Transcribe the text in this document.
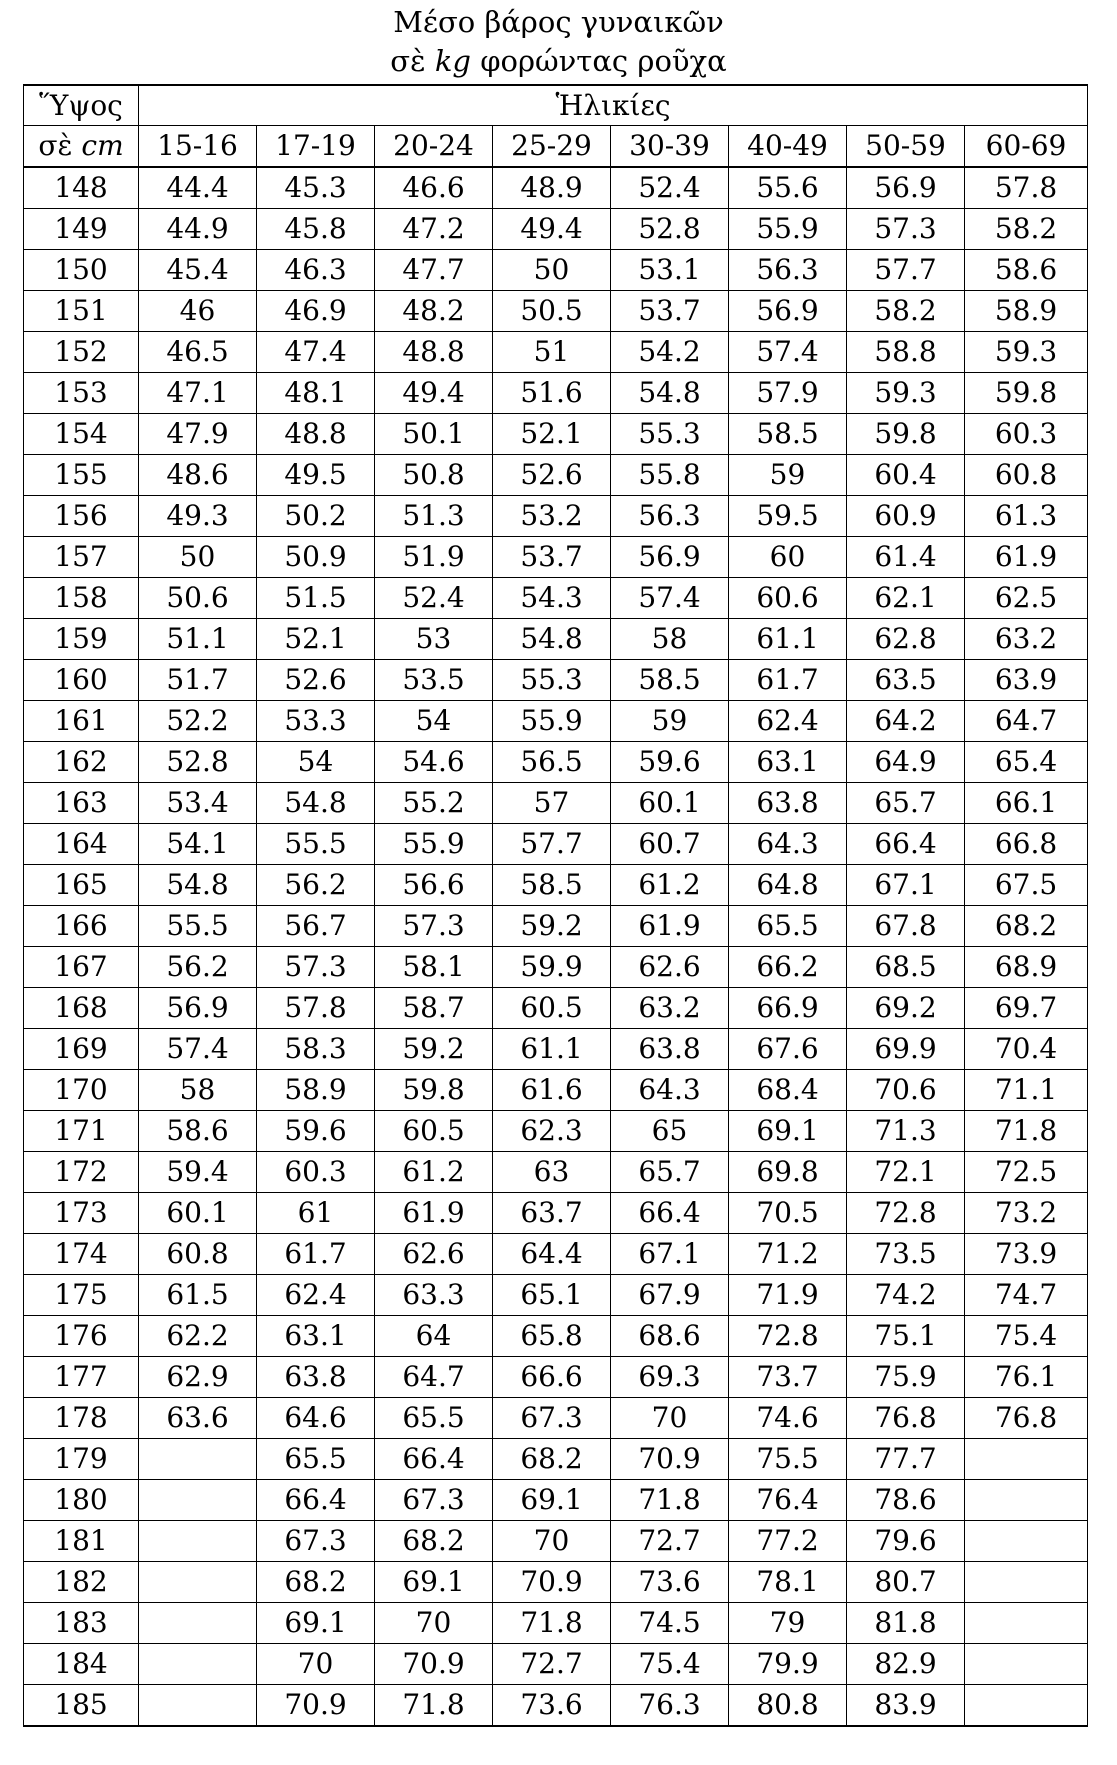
Μέσο βάρος γυναικῶν
σὲ kg φορώντας ροῦχα
Ὕψος	Ἡλικίες							
σὲ cm	15-16	17-19	20-24	25-29	30-39	40-49	50-59	60-69
148	44.4	45.3	46.6	48.9	52.4	55.6	56.9	57.8
149	44.9	45.8	47.2	49.4	52.8	55.9	57.3	58.2
150	45.4	46.3	47.7	50	53.1	56.3	57.7	58.6
151	46	46.9	48.2	50.5	53.7	56.9	58.2	58.9
152	46.5	47.4	48.8	51	54.2	57.4	58.8	59.3
153	47.1	48.1	49.4	51.6	54.8	57.9	59.3	59.8
154	47.9	48.8	50.1	52.1	55.3	58.5	59.8	60.3
155	48.6	49.5	50.8	52.6	55.8	59	60.4	60.8
156	49.3	50.2	51.3	53.2	56.3	59.5	60.9	61.3
157	50	50.9	51.9	53.7	56.9	60	61.4	61.9
158	50.6	51.5	52.4	54.3	57.4	60.6	62.1	62.5
159	51.1	52.1	53	54.8	58	61.1	62.8	63.2
160	51.7	52.6	53.5	55.3	58.5	61.7	63.5	63.9
161	52.2	53.3	54	55.9	59	62.4	64.2	64.7
162	52.8	54	54.6	56.5	59.6	63.1	64.9	65.4
163	53.4	54.8	55.2	57	60.1	63.8	65.7	66.1
164	54.1	55.5	55.9	57.7	60.7	64.3	66.4	66.8
165	54.8	56.2	56.6	58.5	61.2	64.8	67.1	67.5
166	55.5	56.7	57.3	59.2	61.9	65.5	67.8	68.2
167	56.2	57.3	58.1	59.9	62.6	66.2	68.5	68.9
168	56.9	57.8	58.7	60.5	63.2	66.9	69.2	69.7
169	57.4	58.3	59.2	61.1	63.8	67.6	69.9	70.4
170	58	58.9	59.8	61.6	64.3	68.4	70.6	71.1
171	58.6	59.6	60.5	62.3	65	69.1	71.3	71.8
172	59.4	60.3	61.2	63	65.7	69.8	72.1	72.5
173	60.1	61	61.9	63.7	66.4	70.5	72.8	73.2
174	60.8	61.7	62.6	64.4	67.1	71.2	73.5	73.9
175	61.5	62.4	63.3	65.1	67.9	71.9	74.2	74.7
176	62.2	63.1	64	65.8	68.6	72.8	75.1	75.4
177	62.9	63.8	64.7	66.6	69.3	73.7	75.9	76.1
178	63.6	64.6	65.5	67.3	70	74.6	76.8	76.8
179		65.5	66.4	68.2	70.9	75.5	77.7	
180		66.4	67.3	69.1	71.8	76.4	78.6	
181		67.3	68.2	70	72.7	77.2	79.6	
182		68.2	69.1	70.9	73.6	78.1	80.7	
183		69.1	70	71.8	74.5	79	81.8	
184		70	70.9	72.7	75.4	79.9	82.9	
185		70.9	71.8	73.6	76.3	80.8	83.9	
